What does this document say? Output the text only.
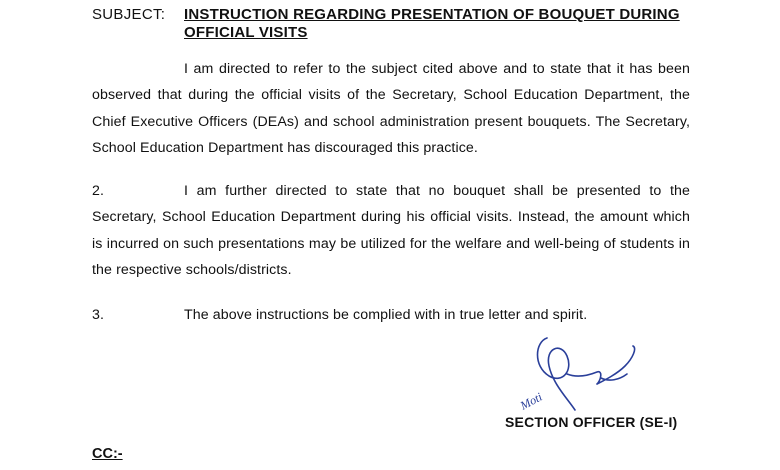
SUBJECT: INSTRUCTION REGARDING PRESENTATION OF BOUQUET DURING
OFFICIAL VISITS
I am directed to refer to the subject cited above and to state that it has been observed that during the official visits of the Secretary, School Education Department, the Chief Executive Officers (DEAs) and school administration present bouquets. The Secretary, School Education Department has discouraged this practice.
2.	I am further directed to state that no bouquet shall be presented to the Secretary, School Education Department during his official visits. Instead, the amount which is incurred on such presentations may be utilized for the welfare and well-being of students in the respective schools/districts.
3.	The above instructions be complied with in true letter and spirit.
Moti
SECTION OFFICER (SE-I)
CC:-
